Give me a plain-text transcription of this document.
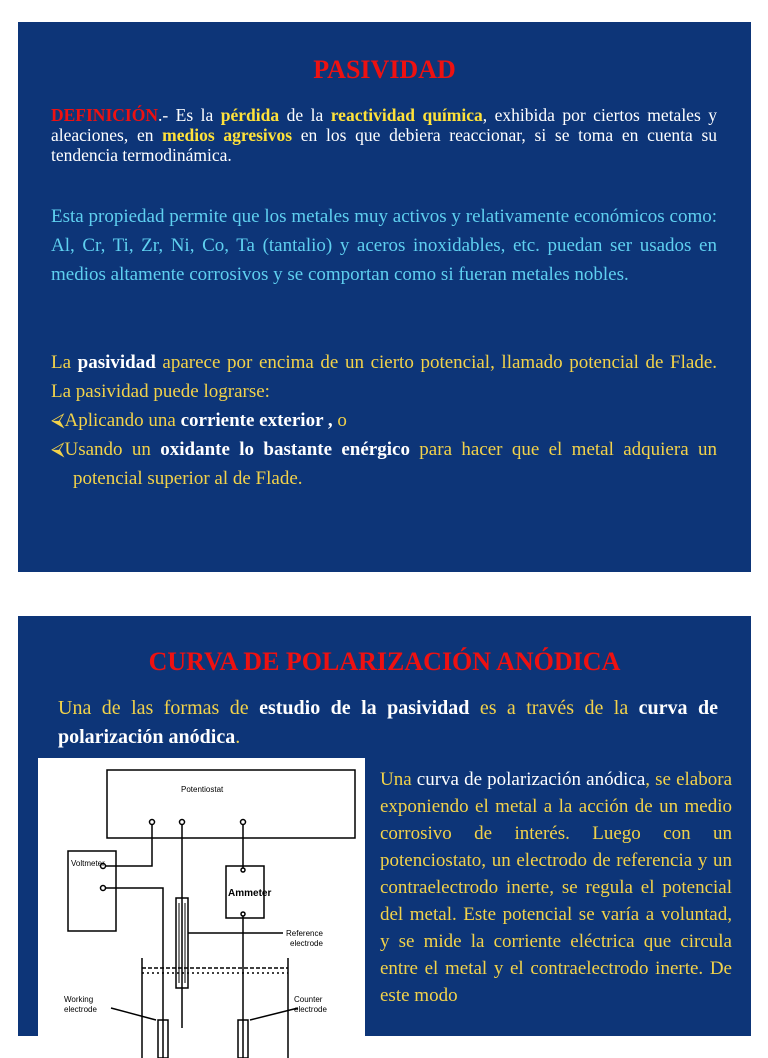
PASIVIDAD

DEFINICIÓN.- Es la pérdida de la reactividad química, exhibida por ciertos metales y aleaciones, en medios agresivos en los que debiera reaccionar, si se toma en cuenta su tendencia termodinámica.

Esta propiedad permite que los metales muy activos y relativamente económicos como: Al, Cr, Ti, Zr, Ni, Co, Ta (tantalio) y aceros inoxidables, etc. puedan ser usados en medios altamente corrosivos y se comportan como si fueran metales nobles.

La pasividad aparece por encima de un cierto potencial, llamado potencial de Flade. La pasividad puede lograrse:
⮘Aplicando una corriente exterior , o
⮘Usando un oxidante lo bastante enérgico para hacer que el metal adquiera un potencial superior al de Flade.
CURVA DE POLARIZACIÓN ANÓDICA

Una de las formas de estudio de la pasividad es a través de la curva de polarización anódica.

Potentiostat
Voltmeter
Ammeter
Reference
electrode
Working
electrode
Counter
electrode

Una curva de polarización anódica, se elabora exponiendo el metal a la acción de un medio corrosivo de interés. Luego con un potenciostato, un electrodo de referencia y un contraelectrodo inerte, se regula el potencial del metal. Este potencial se varía a voluntad, y se mide la corriente eléctrica que circula entre el metal y el contraelectrodo inerte. De este modo
